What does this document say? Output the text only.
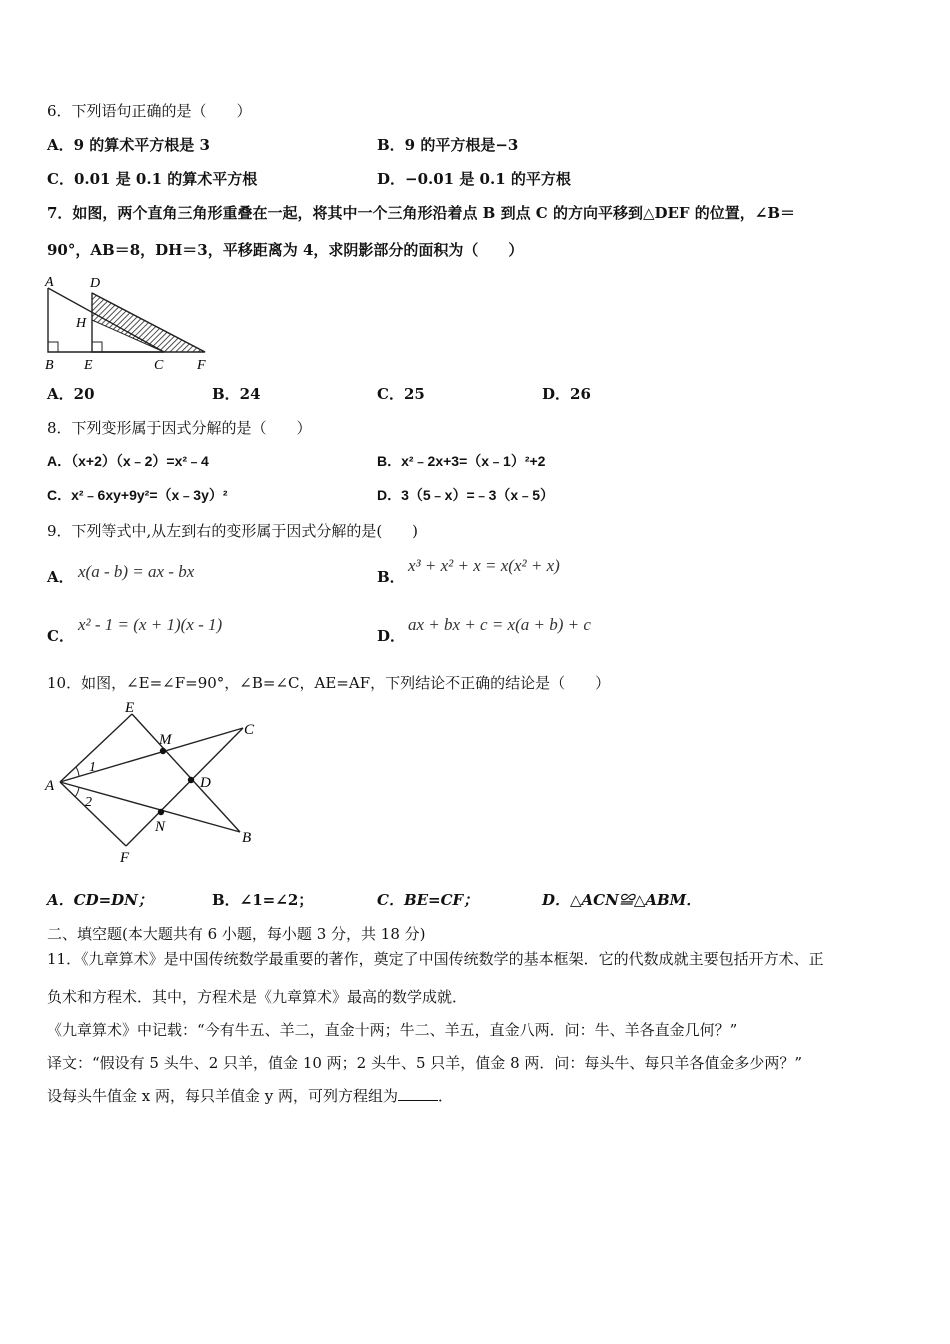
6．下列语句正确的是（　　）
A．9 的算术平方根是 3	B．9 的平方根是−3
C．0.01 是 0.1 的算术平方根	D．−0.01 是 0.1 的平方根
7．如图，两个直角三角形重叠在一起，将其中一个三角形沿着点 B 到点 C 的方向平移到△DEF 的位置，∠B＝
90°，AB＝8，DH＝3，平移距离为 4，求阴影部分的面积为（　　）
A	D
H
B E	C F
A．20	B．24	C．25	D．26
8．下列变形属于因式分解的是（　　）
A．（x+2）（x﹣2）=x²﹣4	B．x²﹣2x+3=（x﹣1）²+2
C．x²﹣6xy+9y²=（x﹣3y）²	D．3（5﹣x）=﹣3（x﹣5）
9．下列等式中,从左到右的变形属于因式分解的是(　　)
A． x(a - b) = ax - bx	B．
x³ + x² + x = x(x² + x)
C．
x² - 1 = (x + 1)(x - 1)
D．
ax + bx + c = x(a + b) + c
10．如图，∠E=∠F=90°，∠B=∠C，AE=AF，下列结论不正确的结论是（　　）
E
C
M
1
A	D
2
N
B
F
A．CD=DN；	B．∠1=∠2；	C．BE=CF；	D．△ACN≌△ABM．
二、填空题(本大题共有 6 小题，每小题 3 分，共 18 分)
11．《九章算术》是中国传统数学最重要的著作，奠定了中国传统数学的基本框架．它的代数成就主要包括开方术、正
负术和方程术．其中，方程术是《九章算术》最高的数学成就．
《九章算术》中记载：“今有牛五、羊二，直金十两；牛二、羊五，直金八两．问：牛、羊各直金几何？”
译文：“假设有 5 头牛、2 只羊，值金 10 两；2 头牛、5 只羊，值金 8 两．问：每头牛、每只羊各值金多少两？”
设每头牛值金 x 两，每只羊值金 y 两，可列方程组为	．
